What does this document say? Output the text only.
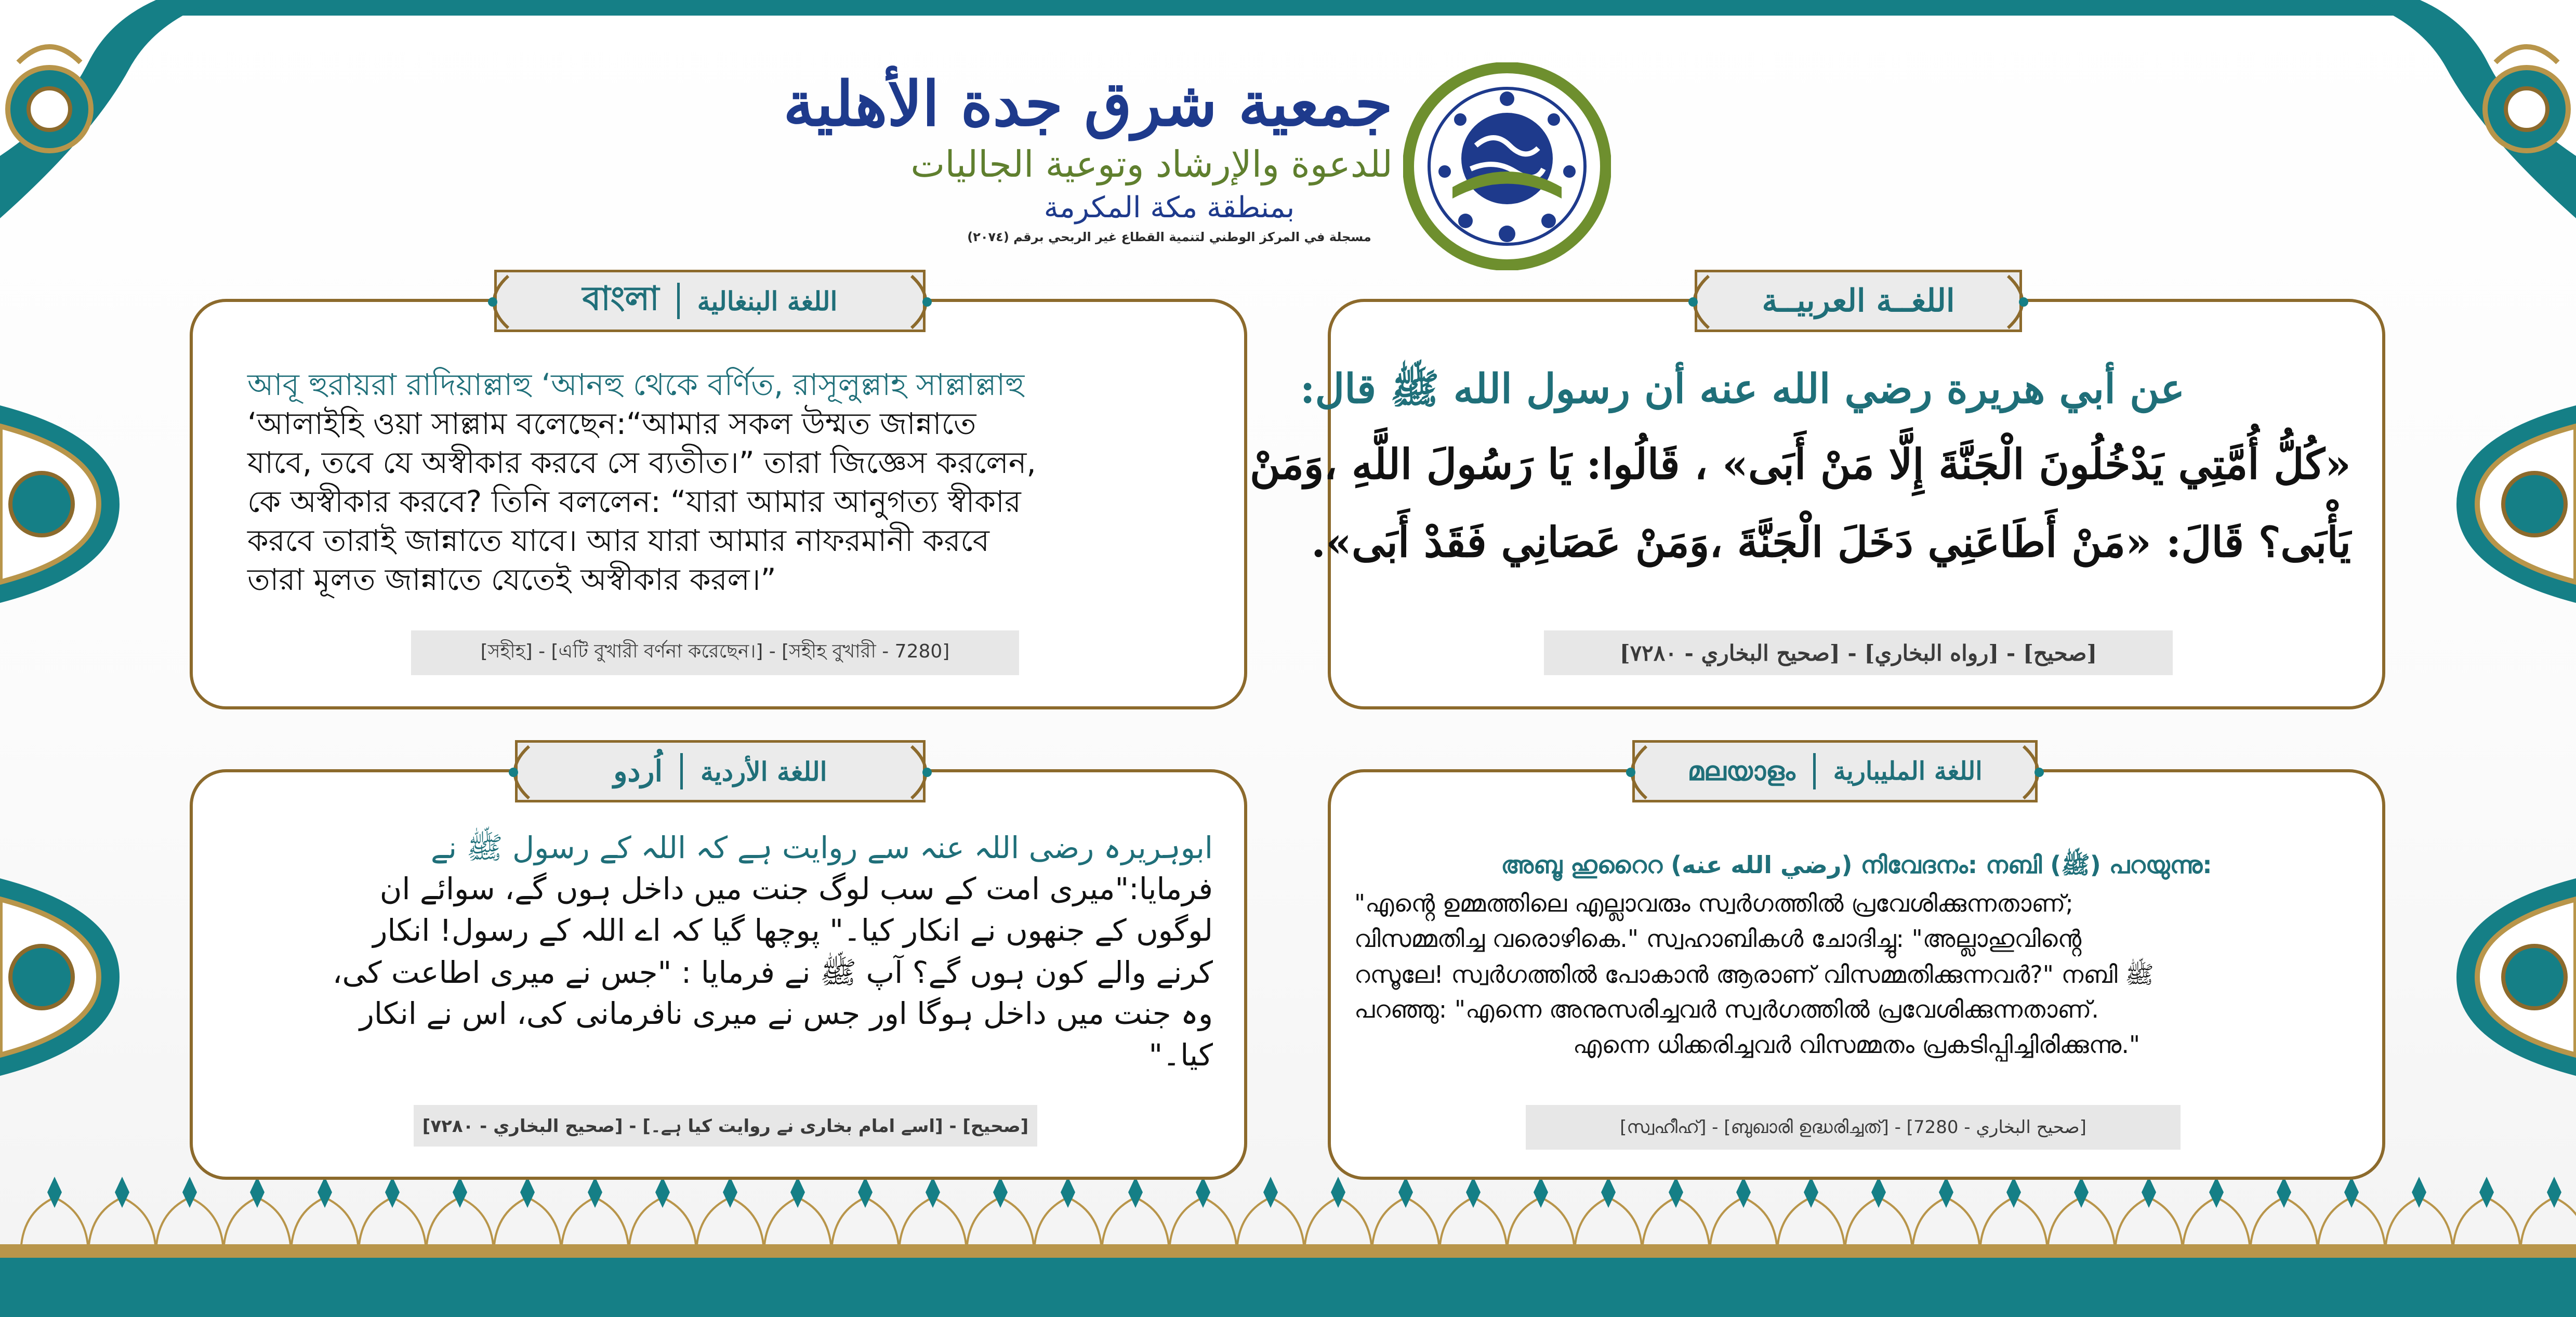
جمعية شرق جدة الأهلية
للدعوة والإرشاد وتوعية الجاليات
بمنطقة مكة المكرمة
مسجلة في المركز الوطني لتنمية القطاع غير الربحي برقم (٢٠٧٤)
اللغــة العربيــة
عن أبي هريرة رضي الله عنه أن رسول الله ﷺ قال:
«كُلُّ أُمَّتِي يَدْخُلُونَ الْجَنَّةَ إِلَّا مَنْ أَبَى» ، قَالُوا: يَا رَسُولَ اللَّهِ ،وَمَنْ
يَأْبَى؟ قَالَ: «مَنْ أَطَاعَنِي دَخَلَ الْجَنَّةَ ،وَمَنْ عَصَانِي فَقَدْ أَبَى».
[صحيح] - [رواه البخاري] - [صحيح البخاري - ٧٢٨٠]
বাংলা اللغة البنغالية
আবূ হুরায়রা রাদিয়াল্লাহু ‘আনহু থেকে বর্ণিত, রাসূলুল্লাহ সাল্লাল্লাহু
‘আলাইহি ওয়া সাল্লাম বলেছেন:“আমার সকল উম্মত জান্নাতে
যাবে, তবে যে অস্বীকার করবে সে ব্যতীত।” তারা জিজ্ঞেস করলেন,
কে অস্বীকার করবে? তিনি বললেন: “যারা আমার আনুগত্য স্বীকার
করবে তারাই জান্নাতে যাবে। আর যারা আমার নাফরমানী করবে
তারা মূলত জান্নাতে যেতেই অস্বীকার করল।”
[সহীহ] - [এটি বুখারী বর্ণনা করেছেন।] - [সহীহ বুখারী - 7280]
മലയാളം اللغة المليبارية
അബൂ ഹുറൈറ (رضي الله عنه) നിവേദനം: നബി (ﷺ) പറയുന്നു:
"എൻ്റെ ഉമ്മത്തിലെ എല്ലാവരും സ്വർഗത്തിൽ പ്രവേശിക്കുന്നതാണ്;
വിസമ്മതിച്ച വരൊഴികെ." സ്വഹാബികൾ ചോദിച്ചു: "അല്ലാഹുവിൻ്റെ
റസൂലേ! സ്വർഗത്തിൽ പോകാൻ ആരാണ് വിസമ്മതിക്കുന്നവർ?" നബി ﷺ
പറഞ്ഞു: "എന്നെ അനുസരിച്ചവർ സ്വർഗത്തിൽ പ്രവേശിക്കുന്നതാണ്.
എന്നെ ധിക്കരിച്ചവർ വിസമ്മതം പ്രകടിപ്പിച്ചിരിക്കുന്നു."
[സ്വഹീഹ്] - [ബുഖാരി ഉദ്ധരിച്ചത്] - [صحيح البخاري - 7280]
اُردو اللغة الأردية
ابوہریرہ رضی اللہ عنہ سے روایت ہے کہ اللہ کے رسول ﷺ نے
فرمایا:"میری امت کے سب لوگ جنت میں داخل ہوں گے، سوائے ان
لوگوں کے جنھوں نے انکار کیا۔" پوچھا گیا کہ اے اللہ کے رسول! انکار
کرنے والے کون ہوں گے؟ آپ ﷺ نے فرمایا : "جس نے میری اطاعت کی،
وہ جنت میں داخل ہوگا اور جس نے میری نافرمانی کی، اس نے انکار
کیا۔"
[صحیح] - [اسے امام بخاری نے روایت کیا ہے۔] - [صحيح البخاري - ٧٢٨٠]
